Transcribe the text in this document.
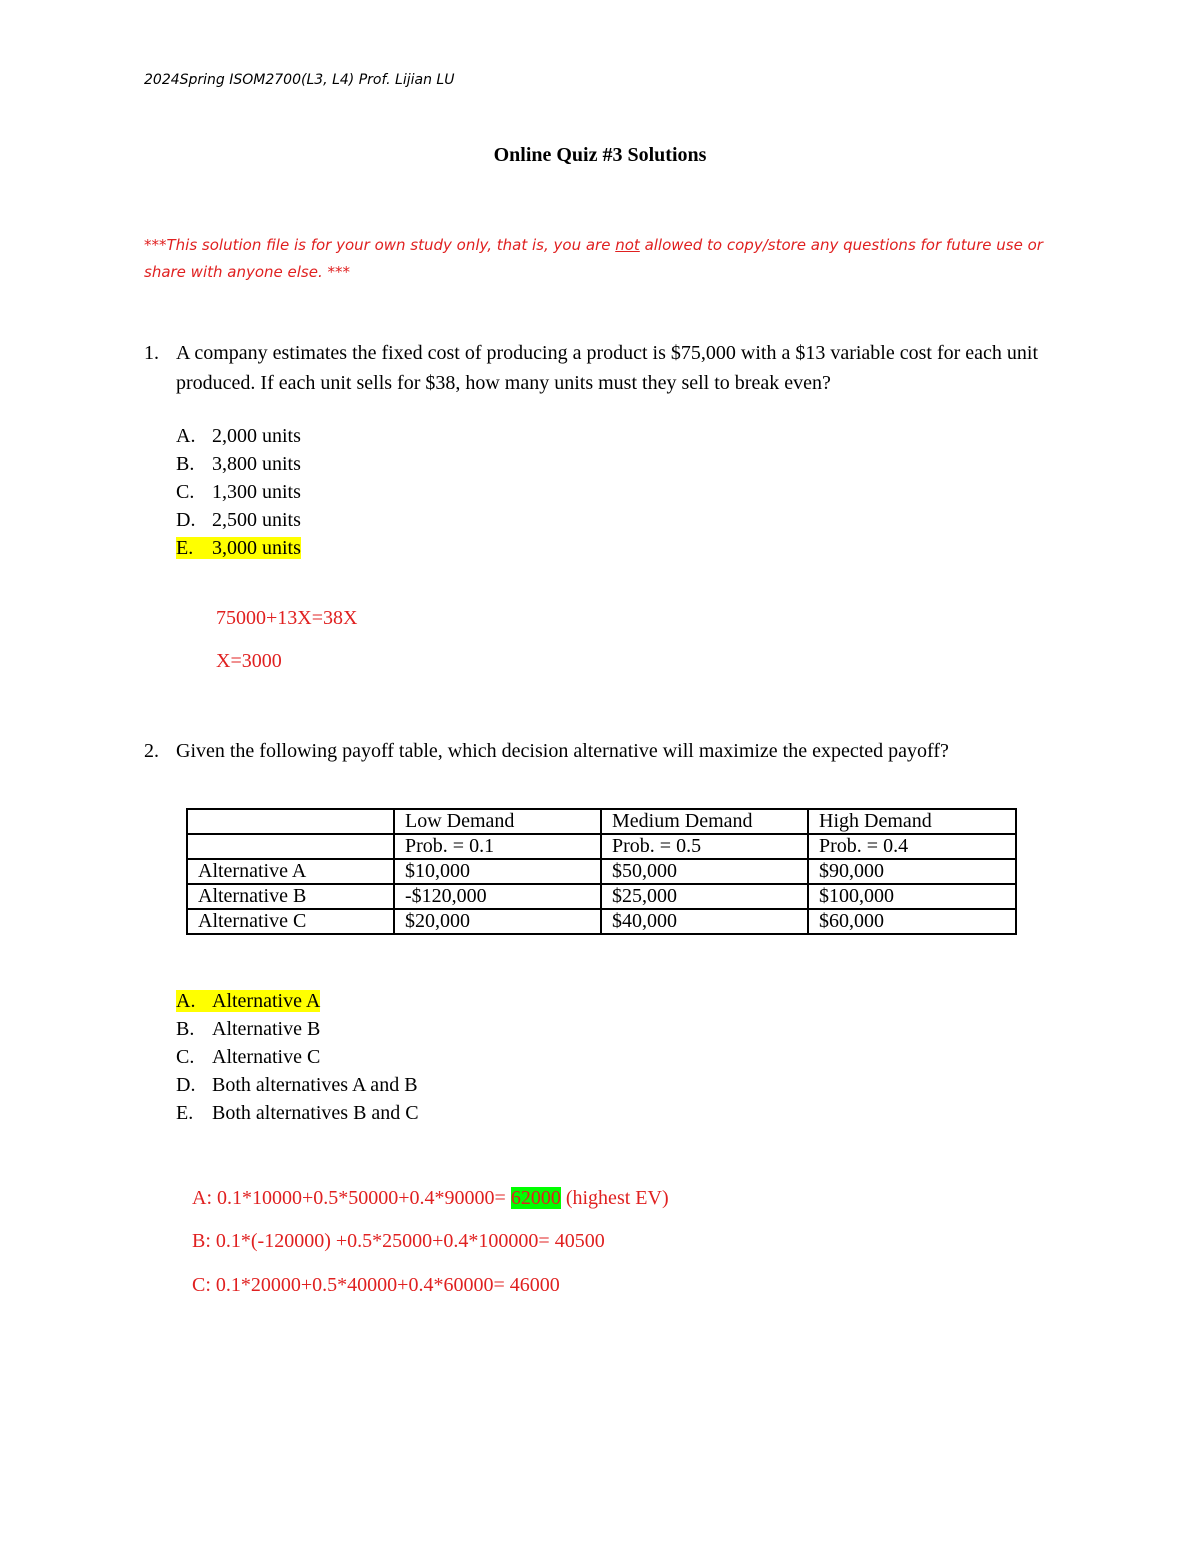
2024Spring ISOM2700(L3, L4) Prof. Lijian LU
Online Quiz #3 Solutions
***This solution file is for your own study only, that is, you are not allowed to copy/store any questions for future use or share with anyone else. ***
1. A company estimates the fixed cost of producing a product is $75,000 with a $13 variable cost for each unit produced. If each unit sells for $38, how many units must they sell to break even?
A. 2,000 units
B. 3,800 units
C. 1,300 units
D. 2,500 units
E. 3,000 units
75000+13X=38X
X=3000
2. Given the following payoff table, which decision alternative will maximize the expected payoff?
	Low Demand	Medium Demand	High Demand
	Prob. = 0.1	Prob. = 0.5	Prob. = 0.4
Alternative A	$10,000	$50,000	$90,000
Alternative B	-$120,000	$25,000	$100,000
Alternative C	$20,000	$40,000	$60,000
A. Alternative A
B. Alternative B
C. Alternative C
D. Both alternatives A and B
E. Both alternatives B and C
A: 0.1*10000+0.5*50000+0.4*90000= 62000 (highest EV)
B: 0.1*(-120000) +0.5*25000+0.4*100000= 40500
C: 0.1*20000+0.5*40000+0.4*60000= 46000
